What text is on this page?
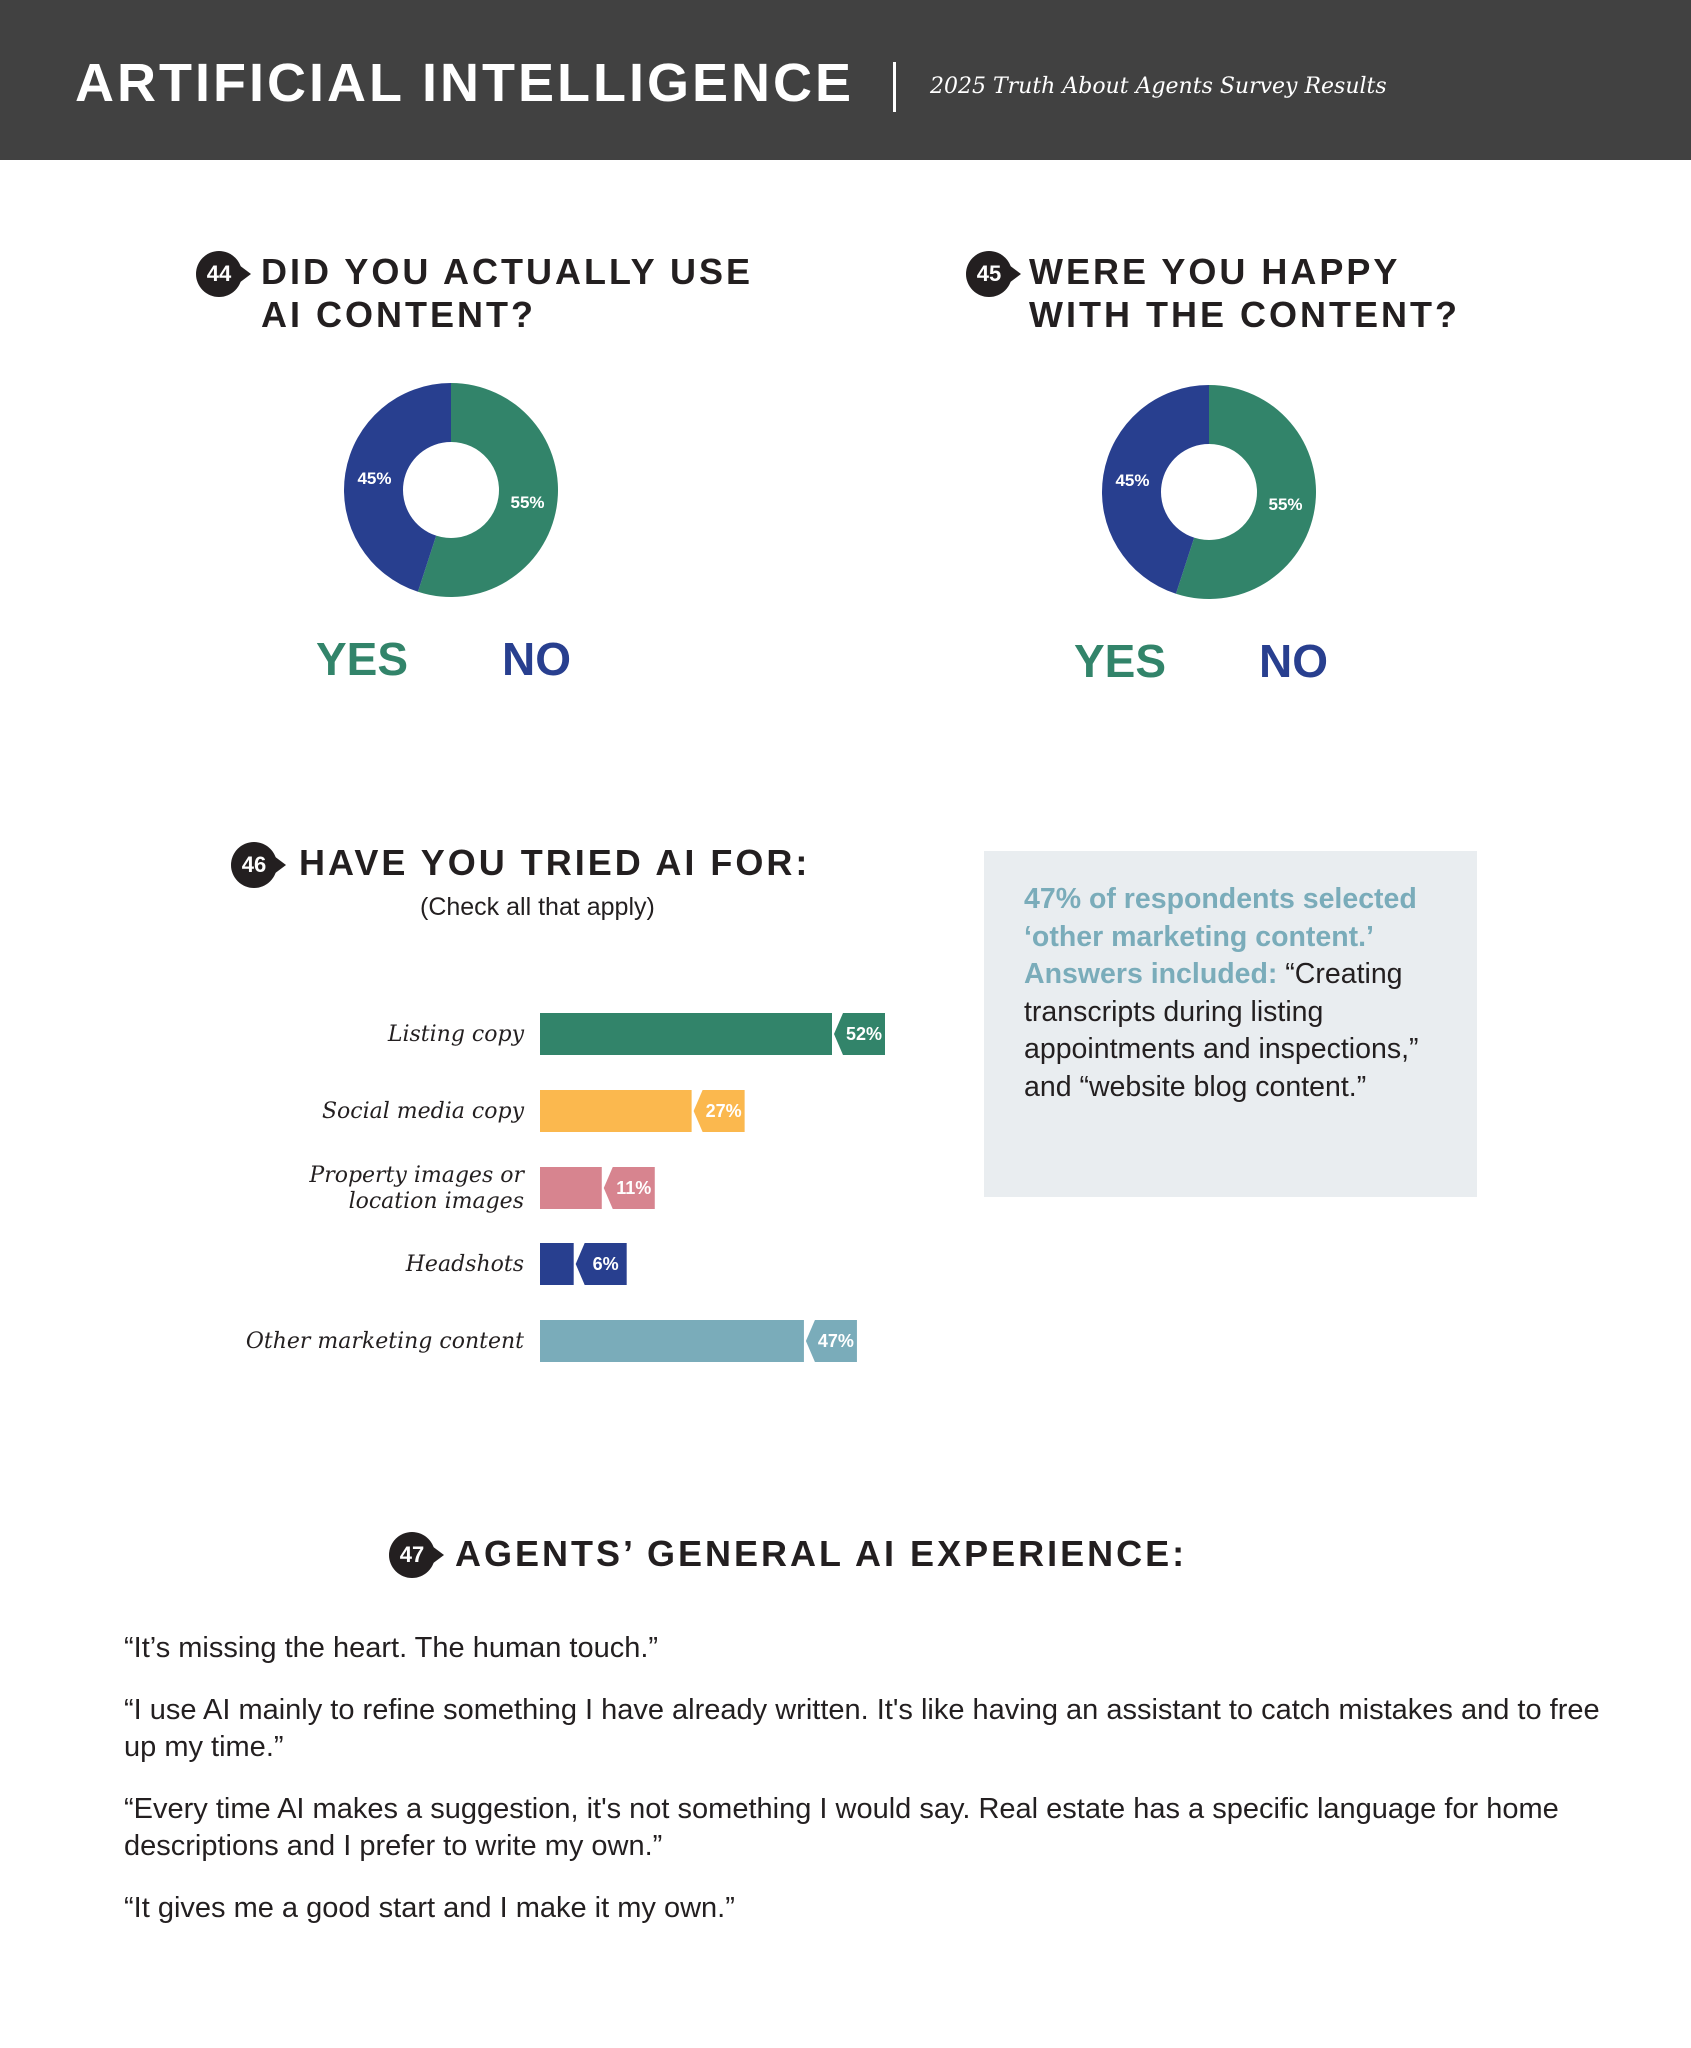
ARTIFICIAL INTELLIGENCE	2025 Truth About Agents Survey Results
44 DID YOU ACTUALLY USE
AI CONTENT?
55%
45%
YES NO
45 WERE YOU HAPPY
WITH THE CONTENT?
55%
45%
YES NO
46 HAVE YOU TRIED AI FOR:
(Check all that apply)
52%
Listing copy
27%
Social media copy
11%
Property images or
location images
6%
Headshots
47%
Other marketing content
47% of respondents selected ‘other marketing content.’ Answers included: “Creating transcripts during listing appointments and inspections,” and “website blog content.”
47 AGENTS’ GENERAL AI EXPERIENCE:

“It’s missing the heart. The human touch.”

“I use AI mainly to refine something I have already written. It's like having an assistant to catch mistakes and to free up my time.”

“Every time AI makes a suggestion, it's not something I would say. Real estate has a specific language for home descriptions and I prefer to write my own.”

“It gives me a good start and I make it my own.”
